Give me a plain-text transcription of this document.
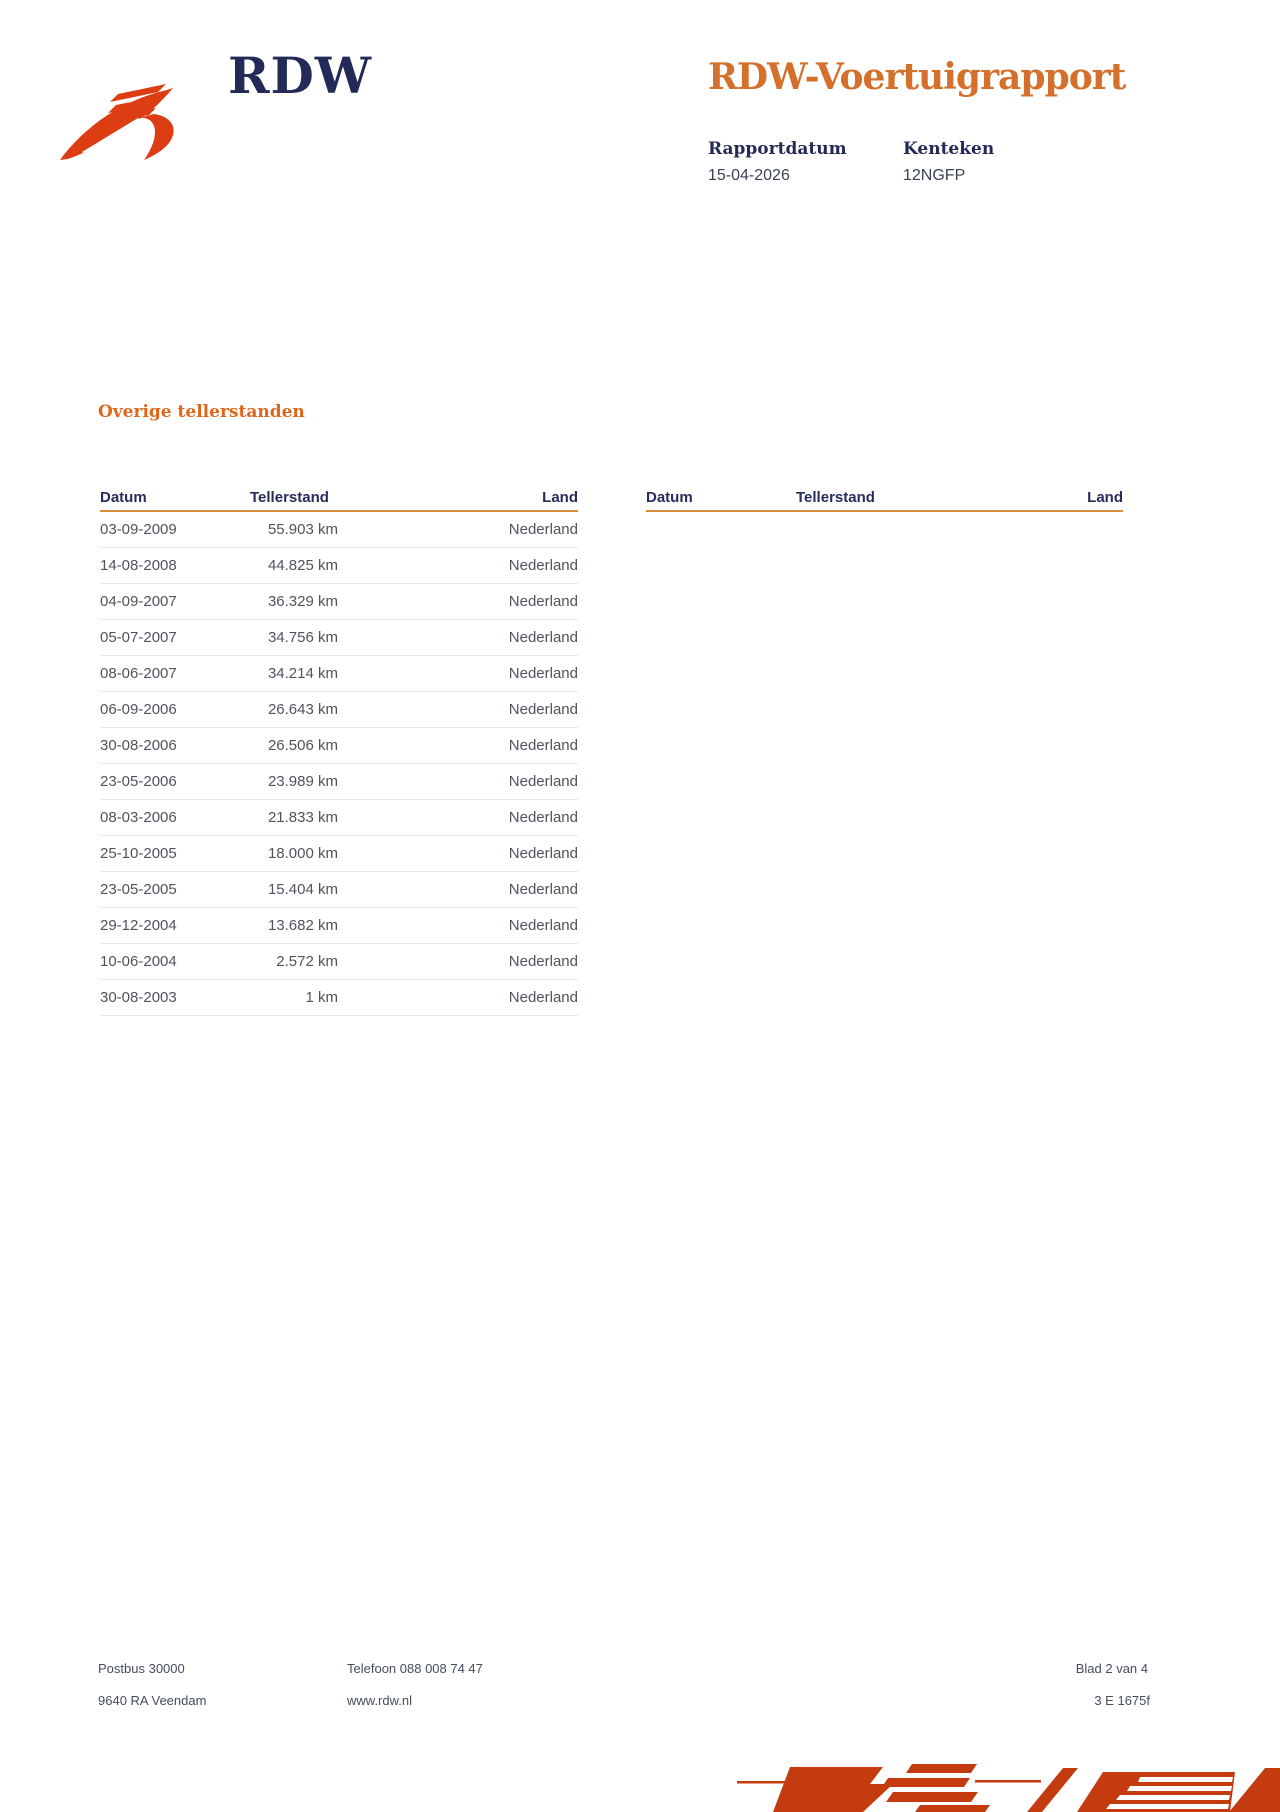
RDW	RDW-Voertuigrapport
Rapportdatum	Kenteken
15-04-2026	12NGFP
Overige tellerstanden
Datum	Tellerstand	Land
03-09-2009	55.903 km	Nederland
14-08-2008	44.825 km	Nederland
04-09-2007	36.329 km	Nederland
05-07-2007	34.756 km	Nederland
08-06-2007	34.214 km	Nederland
06-09-2006	26.643 km	Nederland
30-08-2006	26.506 km	Nederland
23-05-2006	23.989 km	Nederland
08-03-2006	21.833 km	Nederland
25-10-2005	18.000 km	Nederland
23-05-2005	15.404 km	Nederland
29-12-2004	13.682 km	Nederland
10-06-2004	2.572 km	Nederland
30-08-2003	1 km	Nederland
Datum	Tellerstand	Land
Postbus 30000
9640 RA Veendam
Telefoon 088 008 74 47
www.rdw.nl
Blad 2 van 4
3 E 1675f
